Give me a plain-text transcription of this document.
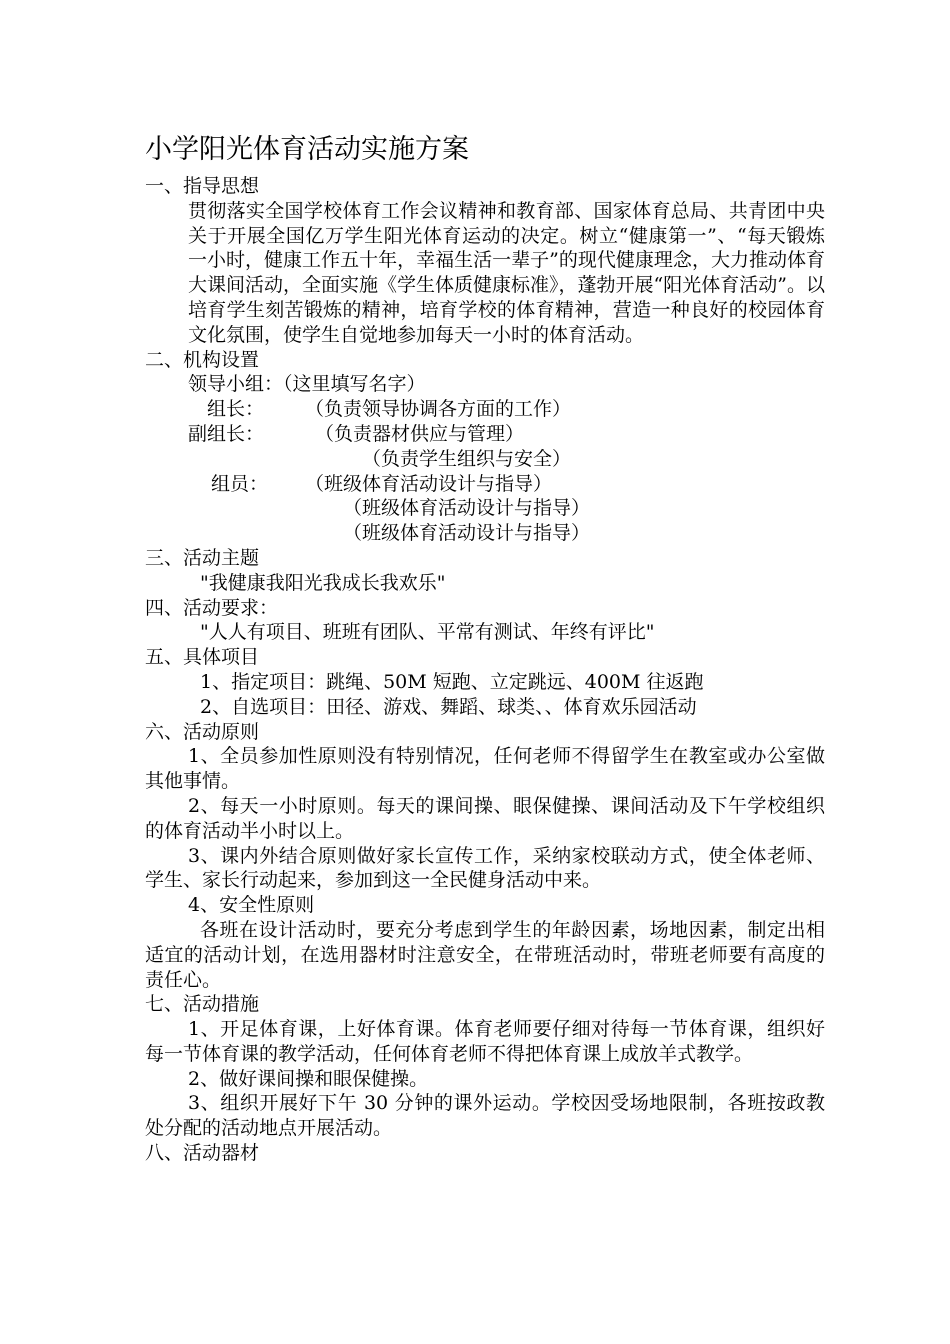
小学阳光体育活动实施方案
一、指导思想
贯彻落实全国学校体育工作会议精神和教育部、国家体育总局、共青团中央关于开展全国亿万学生阳光体育运动的决定。树立“健康第一”、“每天锻炼一小时，健康工作五十年，幸福生活一辈子”的现代健康理念，大力推动体育大课间活动，全面实施《学生体质健康标准》，蓬勃开展“阳光体育活动”。以培育学生刻苦锻炼的精神，培育学校的体育精神，营造一种良好的校园体育文化氛围，使学生自觉地参加每天一小时的体育活动。
二、机构设置
领导小组：（这里填写名字）
组长： （负责领导协调各方面的工作）
副组长：	（负责器材供应与管理）
（负责学生组织与安全）
组员： （班级体育活动设计与指导）
（班级体育活动设计与指导）
（班级体育活动设计与指导）
三、活动主题
"我健康我阳光我成长我欢乐"
四、活动要求：
"人人有项目、班班有团队、平常有测试、年终有评比"
五、具体项目
1、指定项目：跳绳、50M 短跑、立定跳远、400M 往返跑
2、自选项目：田径、游戏、舞蹈、球类、、体育欢乐园活动
六、活动原则
1、全员参加性原则没有特别情况，任何老师不得留学生在教室或办公室做其他事情。
2、每天一小时原则。每天的课间操、眼保健操、课间活动及下午学校组织的体育活动半小时以上。
3、课内外结合原则做好家长宣传工作，采纳家校联动方式，使全体老师、学生、家长行动起来，参加到这一全民健身活动中来。
4、安全性原则
各班在设计活动时，要充分考虑到学生的年龄因素，场地因素，制定出相适宜的活动计划，在选用器材时注意安全，在带班活动时，带班老师要有高度的责任心。
七、活动措施
1、开足体育课，上好体育课。体育老师要仔细对待每一节体育课，组织好每一节体育课的教学活动，任何体育老师不得把体育课上成放羊式教学。
2、做好课间操和眼保健操。
3、组织开展好下午 30 分钟的课外运动。学校因受场地限制，各班按政教处分配的活动地点开展活动。
八、活动器材
